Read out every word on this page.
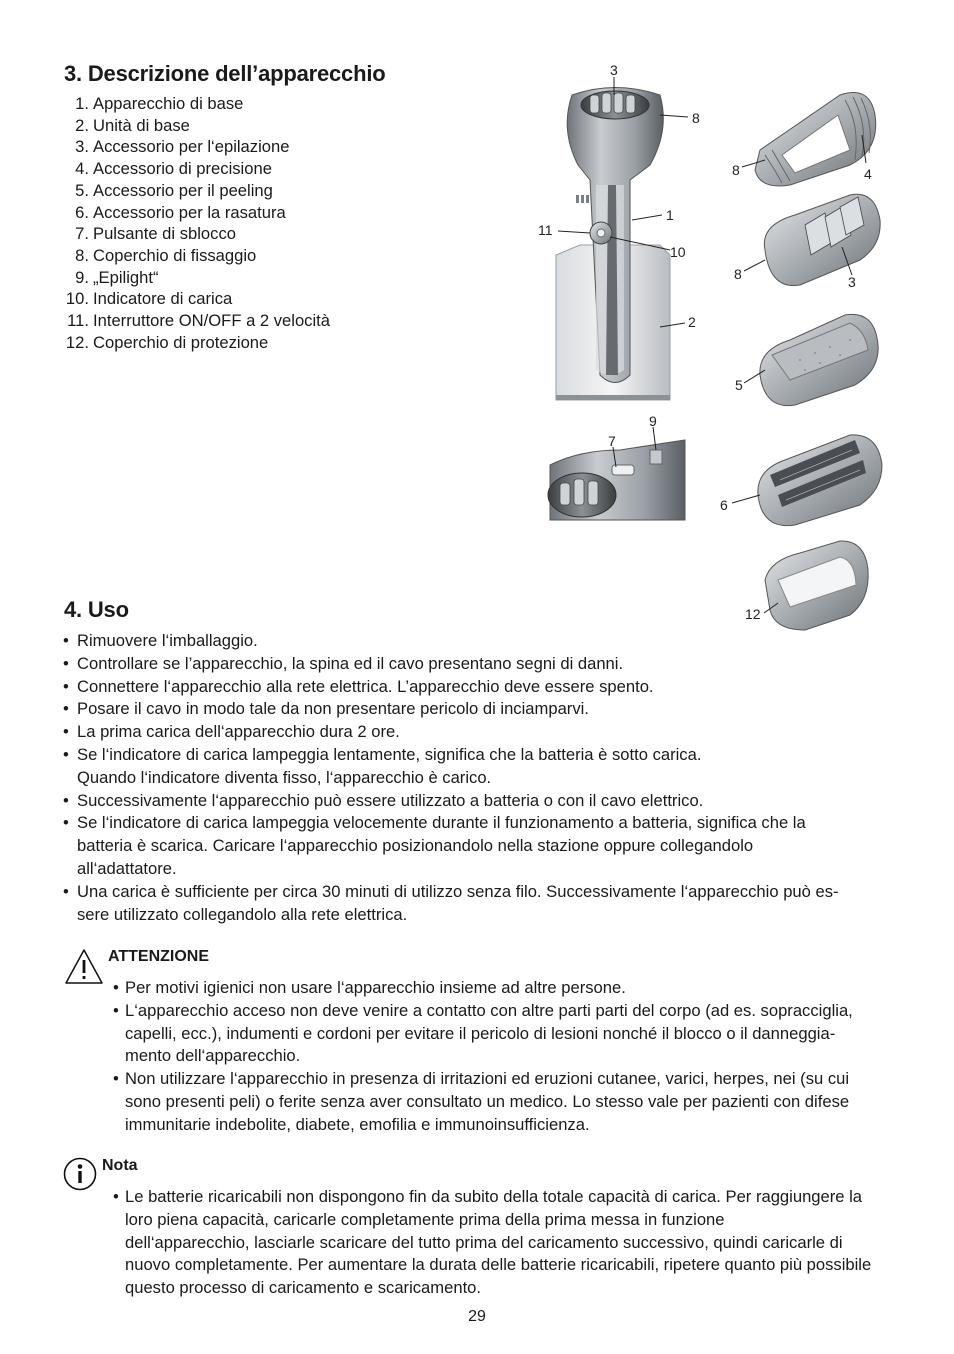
3. Descrizione dell’apparecchio
1. Apparecchio di base
2. Unità di base
3. Accessorio per l‘epilazione
4. Accessorio di precisione
5. Accessorio per il peeling
6. Accessorio per la rasatura
7. Pulsante di sblocco
8. Coperchio di fissaggio
9. „Epilight“
10. Indicatore di carica
11. Interruttore ON/OFF a 2 velocità
12. Coperchio di protezione
3
8
1
11
10
2
8	4
8	3
5
9
7
6
12
4. Uso
• Rimuovere l‘imballaggio.
• Controllare se l’apparecchio, la spina ed il cavo presentano segni di danni.
• Connettere l‘apparecchio alla rete elettrica. L’apparecchio deve essere spento.
• Posare il cavo in modo tale da non presentare pericolo di inciamparvi.
• La prima carica dell‘apparecchio dura 2 ore.
• Se l‘indicatore di carica lampeggia lentamente, significa che la batteria è sotto carica.
Quando l‘indicatore diventa fisso, l‘apparecchio è carico.
• Successivamente l‘apparecchio può essere utilizzato a batteria o con il cavo elettrico.
• Se l‘indicatore di carica lampeggia velocemente durante il funzionamento a batteria, significa che la
batteria è scarica. Caricare l‘apparecchio posizionandolo nella stazione oppure collegandolo
all‘adattatore.
• Una carica è sufficiente per circa 30 minuti di utilizzo senza filo. Successivamente l‘apparecchio può es-
sere utilizzato collegandolo alla rete elettrica.
ATTENZIONE
• Per motivi igienici non usare l‘apparecchio insieme ad altre persone.
• L‘apparecchio acceso non deve venire a contatto con altre parti parti del corpo (ad es. sopracciglia,
capelli, ecc.), indumenti e cordoni per evitare il pericolo di lesioni nonché il blocco o il danneggia-
mento dell‘apparecchio.
• Non utilizzare l‘apparecchio in presenza di irritazioni ed eruzioni cutanee, varici, herpes, nei (su cui
sono presenti peli) o ferite senza aver consultato un medico. Lo stesso vale per pazienti con difese
immunitarie indebolite, diabete, emofilia e immunoinsufficienza.
Nota
• Le batterie ricaricabili non dispongono fin da subito della totale capacità di carica. Per raggiungere la
loro piena capacità, caricarle completamente prima della prima messa in funzione
dell‘apparecchio, lasciarle scaricare del tutto prima del caricamento successivo, quindi caricarle di
nuovo completamente. Per aumentare la durata delle batterie ricaricabili, ripetere quanto più possibile
questo processo di caricamento e scaricamento.
29
